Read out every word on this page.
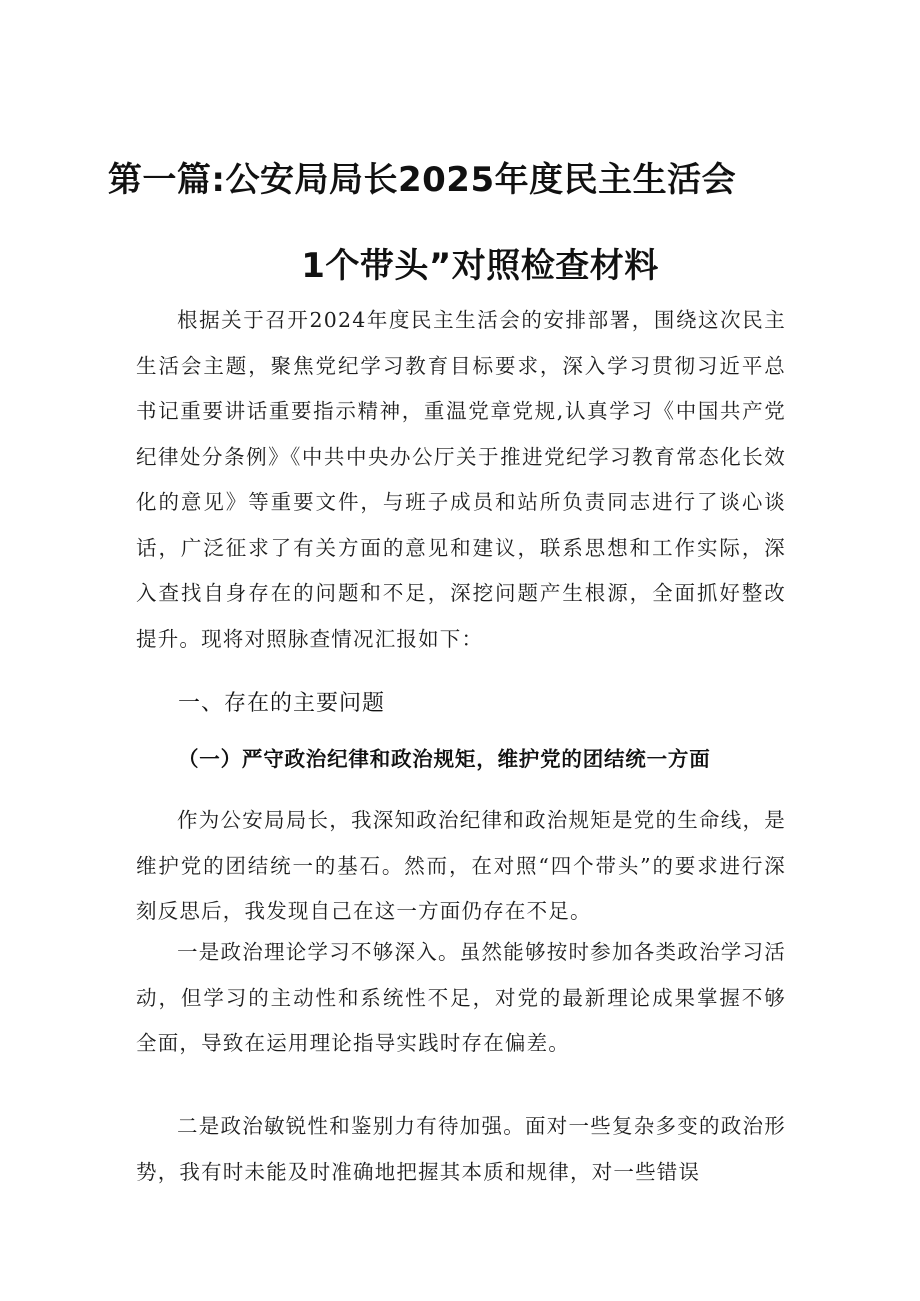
第一篇:公安局局长2025年度民主生活会
1个带头”对照检查材料
根据关于召开2024年度民主生活会的安排部署，围绕这次民主生活会主题，聚焦党纪学习教育目标要求，深入学习贯彻习近平总书记重要讲话重要指示精神，重温党章党规,认真学习《中国共产党纪律处分条例》《中共中央办公厅关于推进党纪学习教育常态化长效化的意见》等重要文件，与班子成员和站所负责同志进行了谈心谈话，广泛征求了有关方面的意见和建议，联系思想和工作实际，深入查找自身存在的问题和不足，深挖问题产生根源，全面抓好整改提升。现将对照脉查情况汇报如下：
一、存在的主要问题
（一）严守政治纪律和政治规矩，维护党的团结统一方面
作为公安局局长，我深知政治纪律和政治规矩是党的生命线，是维护党的团结统一的基石。然而，在对照“四个带头”的要求进行深刻反思后，我发现自己在这一方面仍存在不足。
一是政治理论学习不够深入。虽然能够按时参加各类政治学习活动，但学习的主动性和系统性不足，对党的最新理论成果掌握不够全面，导致在运用理论指导实践时存在偏差。
二是政治敏锐性和鉴别力有待加强。面对一些复杂多变的政治形势，我有时未能及时准确地把握其本质和规律，对一些错误
